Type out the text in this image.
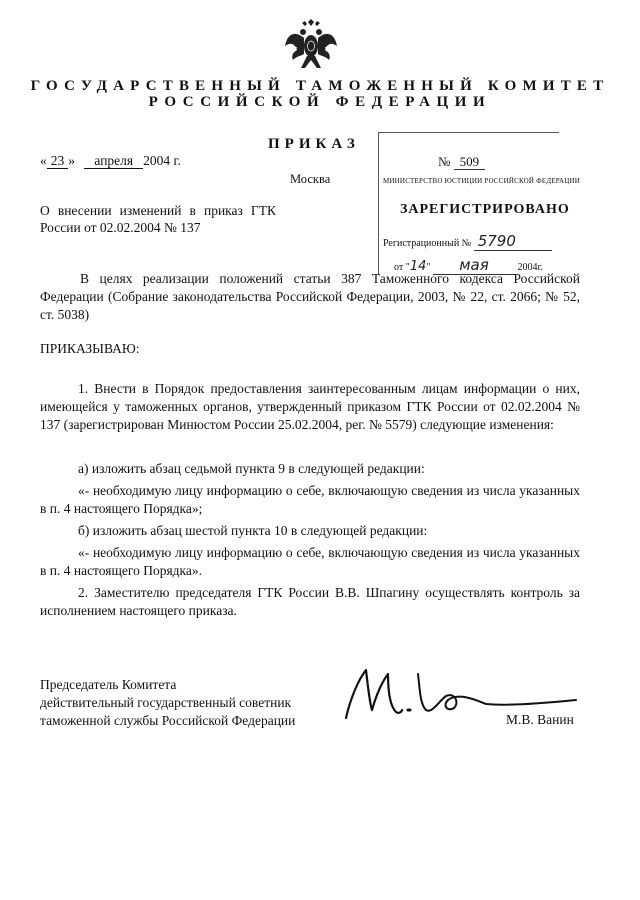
ГОСУДАРСТВЕННЫЙ ТАМОЖЕННЫЙ КОМИТЕТ
РОССИЙСКОЙ ФЕДЕРАЦИИ
ПРИКАЗ
« 23 » апреля 2004 г.
Москва
О внесении изменений в приказ ГТК России от 02.02.2004 № 137
№ 509
МИНИСТЕРСТВО ЮСТИЦИИ РОССИЙСКОЙ ФЕДЕРАЦИИ
ЗАРЕГИСТРИРОВАНО
Регистрационный № 5790
от "14" мая	2004г.
В целях реализации положений статьи 387 Таможенного кодекса Российской Федерации (Собрание законодательства Российской Федерации, 2003, № 22, ст. 2066; № 52, ст. 5038)
ПРИКАЗЫВАЮ:
1. Внести в Порядок предоставления заинтересованным лицам информации о них, имеющейся у таможенных органов, утвержденный приказом ГТК России от 02.02.2004 № 137 (зарегистрирован Минюстом России 25.02.2004, рег. № 5579) следующие изменения:
а) изложить абзац седьмой пункта 9 в следующей редакции:
«- необходимую лицу информацию о себе, включающую сведения из числа указанных в п. 4 настоящего Порядка»;
б) изложить абзац шестой пункта 10 в следующей редакции:
«- необходимую лицу информацию о себе, включающую сведения из числа указанных в п. 4 настоящего Порядка».
2. Заместителю председателя ГТК России В.В. Шпагину осуществлять контроль за исполнением настоящего приказа.
Председатель Комитета
действительный государственный советник
таможенной службы Российской Федерации	М.В. Ванин
